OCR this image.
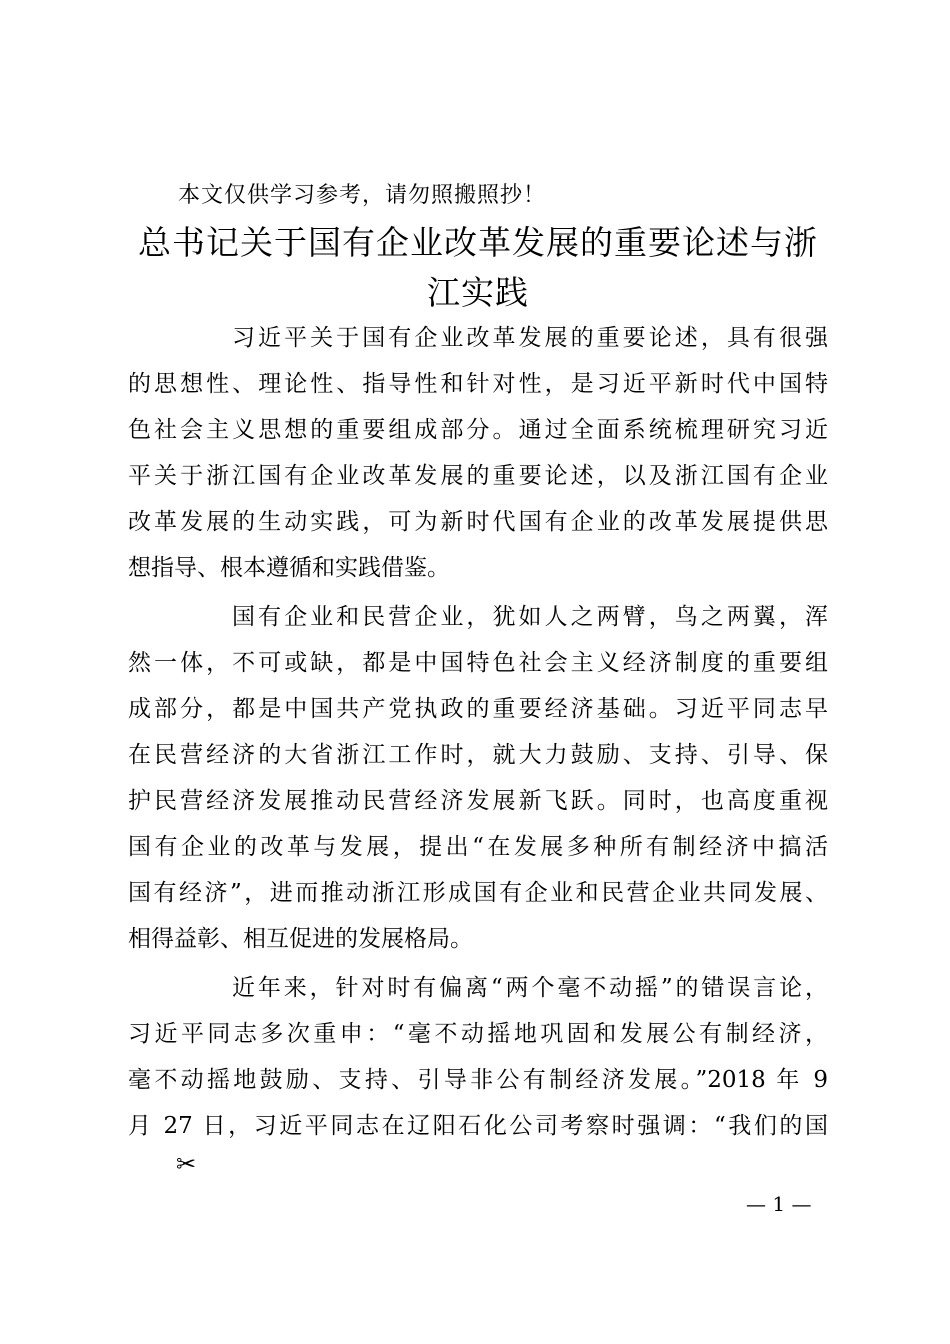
本文仅供学习参考，请勿照搬照抄！
总书记关于国有企业改革发展的重要论述与浙
江实践
习近平关于国有企业改革发展的重要论述，具有很强
的思想性、理论性、指导性和针对性，是习近平新时代中国特
色社会主义思想的重要组成部分。通过全面系统梳理研究习近
平关于浙江国有企业改革发展的重要论述，以及浙江国有企业
改革发展的生动实践，可为新时代国有企业的改革发展提供思
想指导、根本遵循和实践借鉴。
国有企业和民营企业，犹如人之两臂，鸟之两翼，浑
然一体，不可或缺，都是中国特色社会主义经济制度的重要组
成部分，都是中国共产党执政的重要经济基础。习近平同志早
在民营经济的大省浙江工作时，就大力鼓励、支持、引导、保
护民营经济发展推动民营经济发展新飞跃。同时，也高度重视
国有企业的改革与发展，提出“在发展多种所有制经济中搞活
国有经济”，进而推动浙江形成国有企业和民营企业共同发展、
相得益彰、相互促进的发展格局。
近年来，针对时有偏离“两个毫不动摇”的错误言论，
习近平同志多次重申：“毫不动摇地巩固和发展公有制经济，
毫不动摇地鼓励、支持、引导非公有制经济发展。”2018 年 9
月 27 日，习近平同志在辽阳石化公司考察时强调：“我们的国
✂
— 1 —
